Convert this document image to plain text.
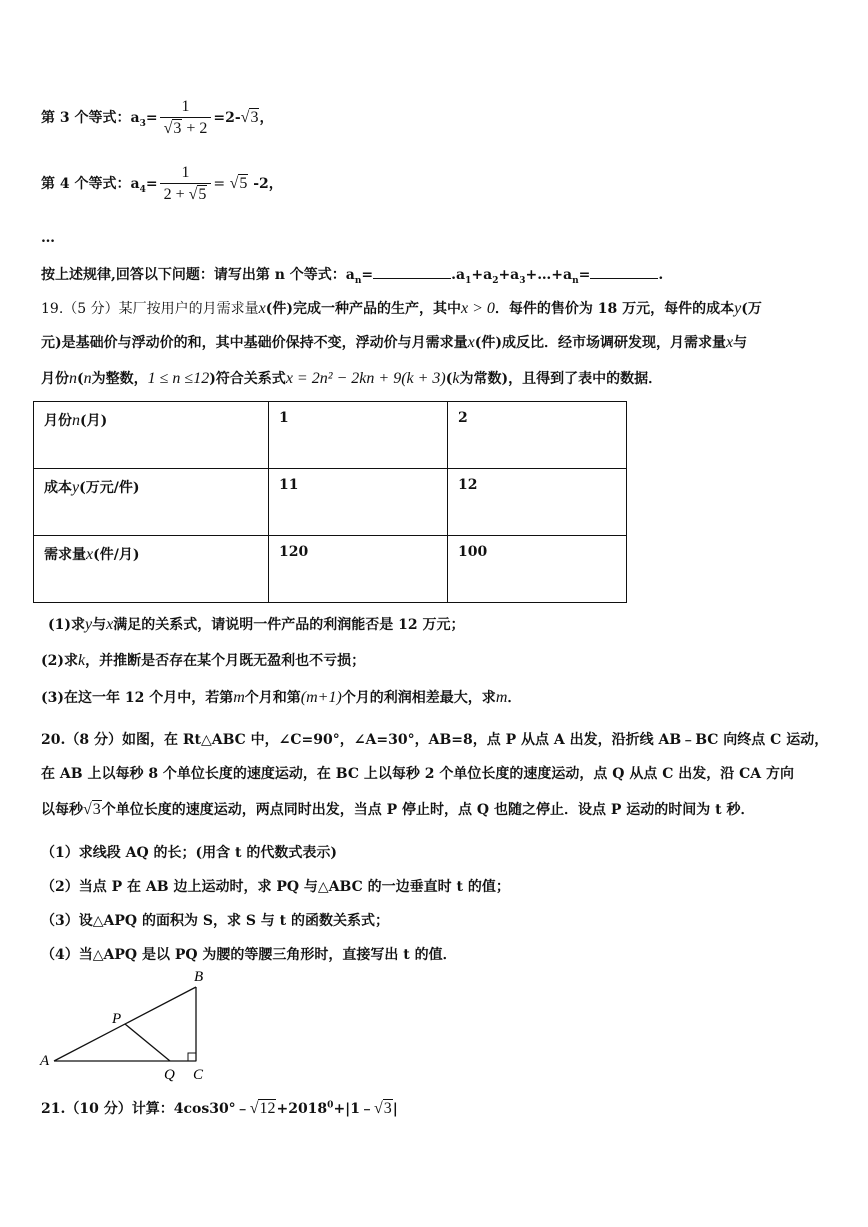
第 3 个等式：$a_3= \frac{1}{√3 + 2} =2-√3$，
第 4 个等式：$a_4= \frac{1}{2 + √5} = √5$ -2，
…
按上述规律,回答以下问题：请写出第 n 个等式：$a_n=$	$.a_1+a_2+a_3+\dots+a_n=$	.
19.（5 分）某厂按用户的月需求量x(件)完成一种产品的生产，其中x > 0．每件的售价为 18 万元，每件的成本y(万
元)是基础价与浮动价的和，其中基础价保持不变，浮动价与月需求量x(件)成反比．经市场调研发现，月需求量x与
月份n(n为整数，1 ≤ n ≤12)符合关系式x = 2n² − 2kn + 9(k + 3)(k为常数)，且得到了表中的数据．
月份n(月)	1	2
成本y(万元/件)	11	12
需求量x(件/月)	120	100
(1)求y与x满足的关系式，请说明一件产品的利润能否是 12 万元；
(2)求k，并推断是否存在某个月既无盈利也不亏损；
(3)在这一年 12 个月中，若第m个月和第(m+1)个月的利润相差最大，求m．
20.（8 分）如图，在 Rt△ABC 中，∠C=90°，∠A=30°，AB=8，点 P 从点 A 出发，沿折线 AB﹣BC 向终点 C 运动，
在 AB 上以每秒 8 个单位长度的速度运动，在 BC 上以每秒 2 个单位长度的速度运动，点 Q 从点 C 出发，沿 CA 方向
以每秒√3个单位长度的速度运动，两点同时出发，当点 P 停止时，点 Q 也随之停止．设点 P 运动的时间为 t 秒．
（1）求线段 AQ 的长；(用含 t 的代数式表示)
（2）当点 P 在 AB 边上运动时，求 PQ 与△ABC 的一边垂直时 t 的值；
（3）设△APQ 的面积为 S，求 S 与 t 的函数关系式；
（4）当△APQ 是以 PQ 为腰的等腰三角形时，直接写出 t 的值．
A
B
C
P
Q
21.（10 分）计算：$4\cos 30^\circ﹣√12+2018^0+|1﹣√3|$
